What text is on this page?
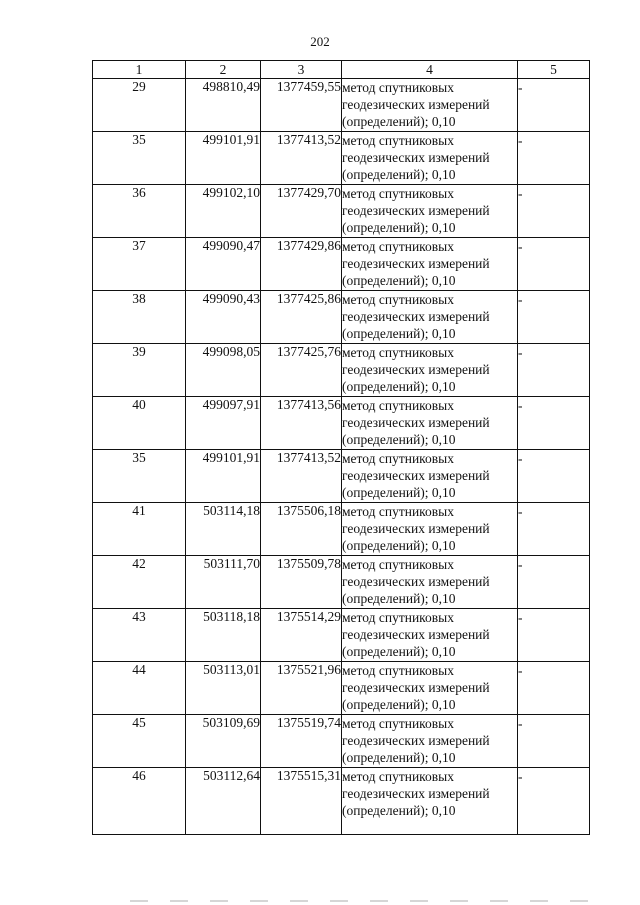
202
1	2	3	4	5
29	498810,49	1377459,55	метод спутниковых
геодезических измерений
(определений); 0,10	-
35	499101,91	1377413,52	метод спутниковых
геодезических измерений
(определений); 0,10	-
36	499102,10	1377429,70	метод спутниковых
геодезических измерений
(определений); 0,10	-
37	499090,47	1377429,86	метод спутниковых
геодезических измерений
(определений); 0,10	-
38	499090,43	1377425,86	метод спутниковых
геодезических измерений
(определений); 0,10	-
39	499098,05	1377425,76	метод спутниковых
геодезических измерений
(определений); 0,10	-
40	499097,91	1377413,56	метод спутниковых
геодезических измерений
(определений); 0,10	-
35	499101,91	1377413,52	метод спутниковых
геодезических измерений
(определений); 0,10	-
41	503114,18	1375506,18	метод спутниковых
геодезических измерений
(определений); 0,10	-
42	503111,70	1375509,78	метод спутниковых
геодезических измерений
(определений); 0,10	-
43	503118,18	1375514,29	метод спутниковых
геодезических измерений
(определений); 0,10	-
44	503113,01	1375521,96	метод спутниковых
геодезических измерений
(определений); 0,10	-
45	503109,69	1375519,74	метод спутниковых
геодезических измерений
(определений); 0,10	-
46	503112,64	1375515,31	метод спутниковых
геодезических измерений
(определений); 0,10	-
